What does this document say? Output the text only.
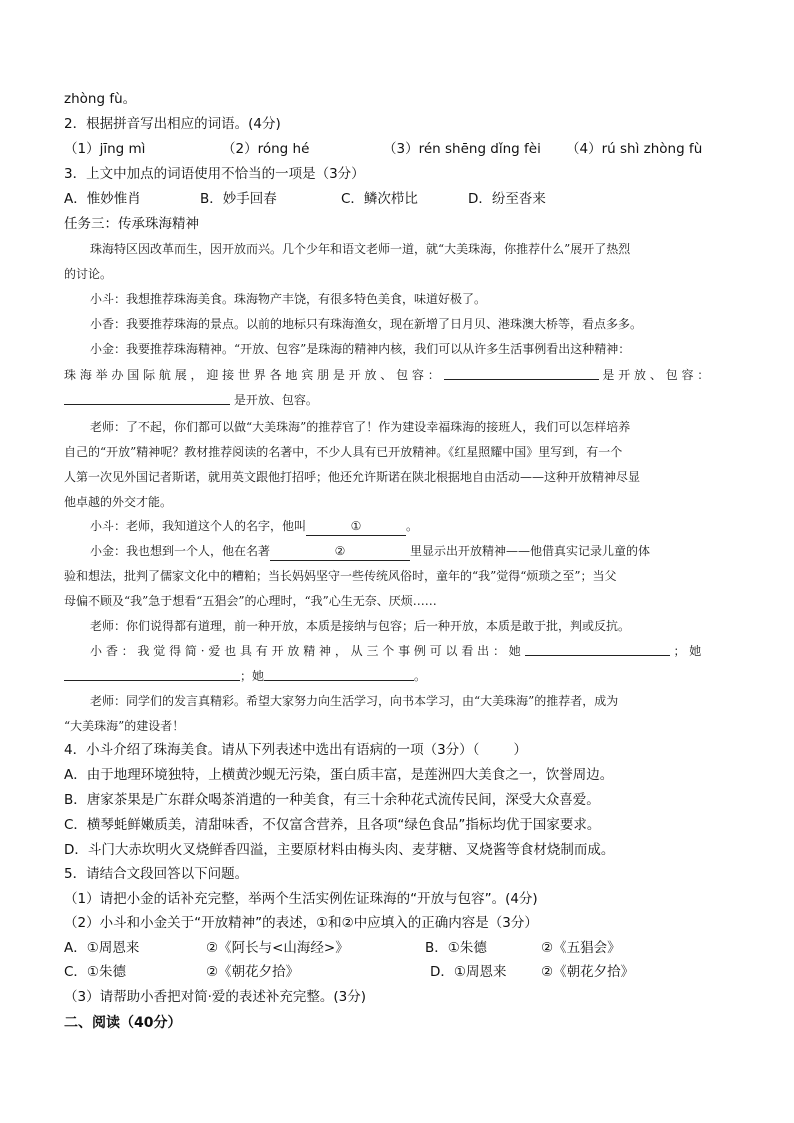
zhòng fù。
2．根据拼音写出相应的词语。(4分)
（1）jīng mì	（2）róng hé	（3）rén shēng dǐng fèi （4）rú shì zhòng fù
3．上文中加点的词语使用不恰当的一项是（3分）
A．惟妙惟肖	B．妙手回春	C．鳞次栉比	D．纷至沓来
任务三：传承珠海精神
珠海特区因改革而生，因开放而兴。几个少年和语文老师一道，就“大美珠海，你推荐什么”展开了热烈
的讨论。
小斗：我想推荐珠海美食。珠海物产丰饶，有很多特色美食，味道好极了。
小香：我要推荐珠海的景点。以前的地标只有珠海渔女，现在新增了日月贝、港珠澳大桥等，看点多多。
小金：我要推荐珠海精神。“开放、包容”是珠海的精神内核，我们可以从许多生活事例看出这种精神：
珠 海 举 办 国 际 航 展 ， 迎 接 世 界 各 地 宾 朋 是 开 放 、 包 容 ：	是 开 放 、 包 容 ：
是开放、包容。
老师：了不起，你们都可以做“大美珠海”的推荐官了！作为建设幸福珠海的接班人，我们可以怎样培养
自己的“开放”精神呢？教材推荐阅读的名著中，不少人具有已开放精神。《红星照耀中国》里写到，有一个
人第一次见外国记者斯诺，就用英文跟他打招呼；他还允许斯诺在陕北根据地自由活动——这种开放精神尽显
他卓越的外交才能。
小斗：老师，我知道这个人的名字，他叫	①	。
小金：我也想到一个人，他在名著	②	里显示出开放精神——他借真实记录儿童的体
验和想法，批判了儒家文化中的糟粕；当长妈妈坚守一些传统风俗时，童年的“我”觉得“烦琐之至”；当父
母偏不顾及“我”急于想看“五猖会”的心理时，“我”心生无奈、厌烦……
老师：你们说得都有道理，前一种开放，本质是接纳与包容；后一种开放，本质是敢于批，判或反抗。
小 香 ： 我 觉 得 简 · 爱 也 具 有 开 放 精 神 ， 从 三 个 事 例 可 以 看 出 ： 她	； 她
；她	。
老师：同学们的发言真精彩。希望大家努力向生活学习，向书本学习，由“大美珠海”的推荐者，成为
“大美珠海”的建设者！
4．小斗介绍了珠海美食。请从下列表述中选出有语病的一项（3分）（	）
A．由于地理环境独特，上横黄沙蚬无污染，蛋白质丰富，是莲洲四大美食之一，饮誉周边。
B．唐家茶果是广东群众喝茶消遣的一种美食，有三十余种花式流传民间，深受大众喜爱。
C．横琴蚝鲜嫩质美，清甜味香，不仅富含营养，且各项“绿色食品”指标均优于国家要求。
D．斗门大赤坎明火叉烧鲜香四溢，主要原材料由梅头肉、麦芽糖、叉烧酱等食材烧制而成。
5．请结合文段回答以下问题。
（1）请把小金的话补充完整，举两个生活实例佐证珠海的“开放与包容”。(4分)
（2）小斗和小金关于“开放精神”的表述，①和②中应填入的正确内容是（3分）
A．①周恩来	②《阿长与<山海经>》	B．①朱德	②《五猖会》
C．①朱德	②《朝花夕拾》	D．①周恩来	②《朝花夕拾》
（3）请帮助小香把对简·爱的表述补充完整。(3分)
二、阅读（40分）
